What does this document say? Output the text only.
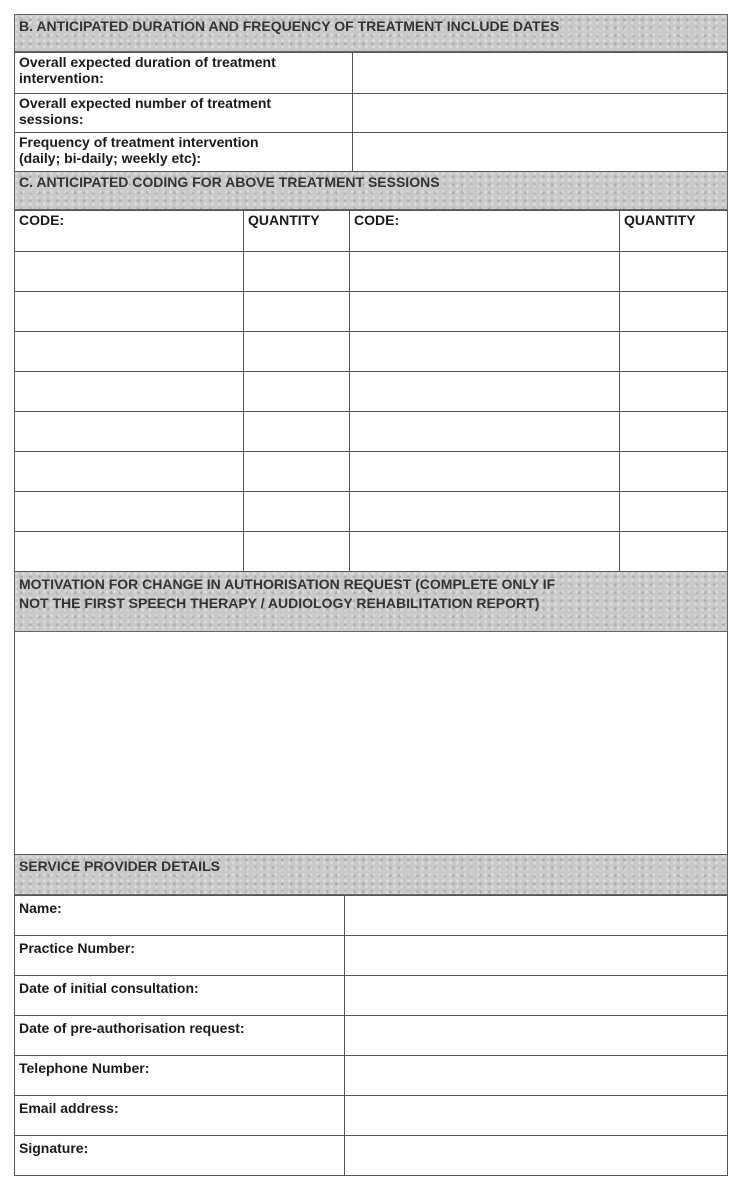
B. ANTICIPATED DURATION AND FREQUENCY OF TREATMENT INCLUDE DATES
Overall expected duration of treatment
intervention:	
Overall expected number of treatment
sessions:	
Frequency of treatment intervention
(daily; bi-daily; weekly etc):	
C. ANTICIPATED CODING FOR ABOVE TREATMENT SESSIONS
CODE:	QUANTITY	CODE:	QUANTITY

MOTIVATION FOR CHANGE IN AUTHORISATION REQUEST (COMPLETE ONLY IF
NOT THE FIRST SPEECH THERAPY / AUDIOLOGY REHABILITATION REPORT)
SERVICE PROVIDER DETAILS
Name:	
Practice Number:	
Date of initial consultation:	
Date of pre-authorisation request:	
Telephone Number:	
Email address:	
Signature:	
